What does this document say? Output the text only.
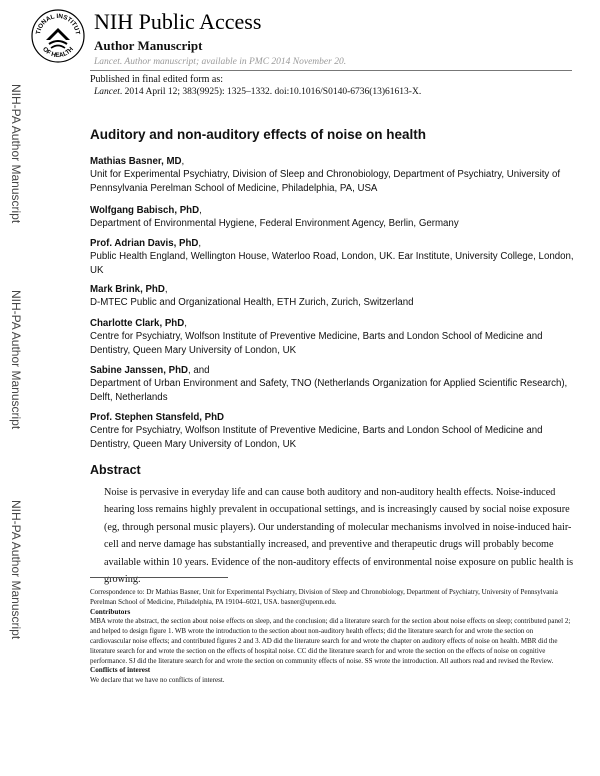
TIONAL INSTITUT
OF HEALTH
NIH Public Access
Author Manuscript
Lancet. Author manuscript; available in PMC 2014 November 20.
Published in final edited form as:
Lancet. 2014 April 12; 383(9925): 1325–1332. doi:10.1016/S0140-6736(13)61613-X.
NIH-PA Author Manuscript
NIH-PA Author Manuscript
NIH-PA Author Manuscript
Auditory and non-auditory effects of noise on health
Mathias Basner, MD,
Unit for Experimental Psychiatry, Division of Sleep and Chronobiology, Department of Psychiatry, University of Pennsylvania Perelman School of Medicine, Philadelphia, PA, USA
Wolfgang Babisch, PhD,
Department of Environmental Hygiene, Federal Environment Agency, Berlin, Germany
Prof. Adrian Davis, PhD,
Public Health England, Wellington House, Waterloo Road, London, UK. Ear Institute, University College, London, UK
Mark Brink, PhD,
D-MTEC Public and Organizational Health, ETH Zurich, Zurich, Switzerland
Charlotte Clark, PhD,
Centre for Psychiatry, Wolfson Institute of Preventive Medicine, Barts and London School of Medicine and Dentistry, Queen Mary University of London, UK
Sabine Janssen, PhD, and
Department of Urban Environment and Safety, TNO (Netherlands Organization for Applied Scientific Research), Delft, Netherlands
Prof. Stephen Stansfeld, PhD
Centre for Psychiatry, Wolfson Institute of Preventive Medicine, Barts and London School of Medicine and Dentistry, Queen Mary University of London, UK
Abstract

Noise is pervasive in everyday life and can cause both auditory and non-auditory health effects. Noise-induced hearing loss remains highly prevalent in occupational settings, and is increasingly caused by social noise exposure (eg, through personal music players). Our understanding of molecular mechanisms involved in noise-induced hair-cell and nerve damage has substantially increased, and preventive and therapeutic drugs will probably become available within 10 years. Evidence of the non-auditory effects of environmental noise exposure on public health is growing.

Correspondence to: Dr Mathias Basner, Unit for Experimental Psychiatry, Division of Sleep and Chronobiology, Department of Psychiatry, University of Pennsylvania Perelman School of Medicine, Philadelphia, PA 19104–6021, USA. basner@upenn.edu.

Contributors

MBA wrote the abstract, the section about noise effects on sleep, and the conclusion; did a literature search for the section about noise effects on sleep; contributed panel 2; and helped to design figure 1. WB wrote the introduction to the section about non-auditory health effects; did the literature search for and wrote the section on cardiovascular noise effects; and contributed figures 2 and 3. AD did the literature search for and wrote the chapter on auditory effects of noise on health. MBR did the literature search for and wrote the section on the effects of hospital noise. CC did the literature search for and wrote the section on the effects of noise on cognitive performance. SJ did the literature search for and wrote the section on community effects of noise. SS wrote the introduction. All authors read and revised the Review.

Conflicts of interest

We declare that we have no conflicts of interest.
